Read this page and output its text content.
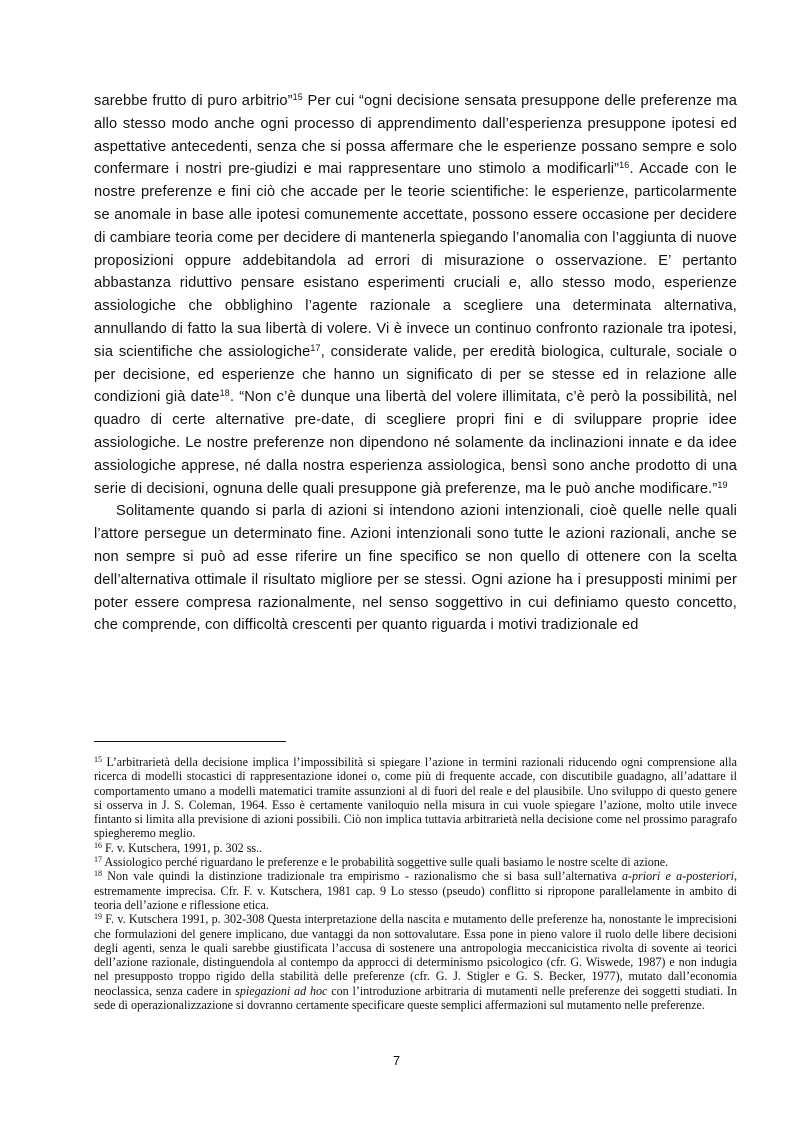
sarebbe frutto di puro arbitrio”$^{15}$ Per cui “ogni decisione sensata presuppone delle preferenze ma allo stesso modo anche ogni processo di apprendimento dall’esperienza presuppone ipotesi ed aspettative antecedenti, senza che si possa affermare che le esperienze possano sempre e solo confermare i nostri pre-giudizi e mai rappresentare uno stimolo a modificarli”$^{16}$. Accade con le nostre preferenze e fini ciò che accade per le teorie scientifiche: le esperienze, particolarmente se anomale in base alle ipotesi comunemente accettate, possono essere occasione per decidere di cambiare teoria come per decidere di mantenerla spiegando l’anomalia con l’aggiunta di nuove proposizioni oppure addebitandola ad errori di misurazione o osservazione. E’ pertanto abbastanza riduttivo pensare esistano esperimenti cruciali e, allo stesso modo, esperienze assiologiche che obblighino l’agente razionale a scegliere una determinata alternativa, annullando di fatto la sua libertà di volere. Vi è invece un continuo confronto razionale tra ipotesi, sia scientifiche che assiologiche$^{17}$, considerate valide, per eredità biologica, culturale, sociale o per decisione, ed esperienze che hanno un significato di per se stesse ed in relazione alle condizioni già date$^{18}$. “Non c’è dunque una libertà del volere illimitata, c’è però la possibilità, nel quadro di certe alternative pre-date, di scegliere propri fini e di sviluppare proprie idee assiologiche. Le nostre preferenze non dipendono né solamente da inclinazioni innate e da idee assiologiche apprese, né dalla nostra esperienza assiologica, bensì sono anche prodotto di una serie di decisioni, ognuna delle quali presuppone già preferenze, ma le può anche modificare.”$^{19}$

Solitamente quando si parla di azioni si intendono azioni intenzionali, cioè quelle nelle quali l’attore persegue un determinato fine. Azioni intenzionali sono tutte le azioni razionali, anche se non sempre si può ad esse riferire un fine specifico se non quello di ottenere con la scelta dell’alternativa ottimale il risultato migliore per se stessi. Ogni azione ha i presupposti minimi per poter essere compresa razionalmente, nel senso soggettivo in cui definiamo questo concetto, che comprende, con difficoltà crescenti per quanto riguarda i motivi tradizionale ed

$^{15}$ L’arbitrarietà della decisione implica l’impossibilità si spiegare l’azione in termini razionali riducendo ogni comprensione alla ricerca di modelli stocastici di rappresentazione idonei o, come più di frequente accade, con discutibile guadagno, all’adattare il comportamento umano a modelli matematici tramite assunzioni al di fuori del reale e del plausibile. Uno sviluppo di questo genere si osserva in J. S. Coleman, 1964. Esso è certamente vaniloquio nella misura in cui vuole spiegare l’azione, molto utile invece fintanto si limita alla previsione di azioni possibili. Ciò non implica tuttavia arbitrarietà nella decisione come nel prossimo paragrafo spiegheremo meglio.

$^{16}$ F. v. Kutschera, 1991, p. 302 ss..

$^{17}$ Assiologico perché riguardano le preferenze e le probabilità soggettive sulle quali basiamo le nostre scelte di azione.

$^{18}$ Non vale quindi la distinzione tradizionale tra empirismo - razionalismo che si basa sull’alternativa a-priori e a-posteriori, estremamente imprecisa. Cfr. F. v. Kutschera, 1981 cap. 9 Lo stesso (pseudo) conflitto si ripropone parallelamente in ambito di teoria dell’azione e riflessione etica.

$^{19}$ F. v. Kutschera 1991, p. 302-308 Questa interpretazione della nascita e mutamento delle preferenze ha, nonostante le imprecisioni che formulazioni del genere implicano, due vantaggi da non sottovalutare. Essa pone in pieno valore il ruolo delle libere decisioni degli agenti, senza le quali sarebbe giustificata l’accusa di sostenere una antropologia meccanicistica rivolta di sovente ai teorici dell’azione razionale, distinguendola al contempo da approcci di determinismo psicologico (cfr. G. Wiswede, 1987) e non indugia nel presupposto troppo rigido della stabilità delle preferenze (cfr. G. J. Stigler e G. S. Becker, 1977), mutato dall’economia neoclassica, senza cadere in spiegazioni ad hoc con l’introduzione arbitraria di mutamenti nelle preferenze dei soggetti studiati. In sede di operazionalizzazione si dovranno certamente specificare queste semplici affermazioni sul mutamento nelle preferenze.

7
